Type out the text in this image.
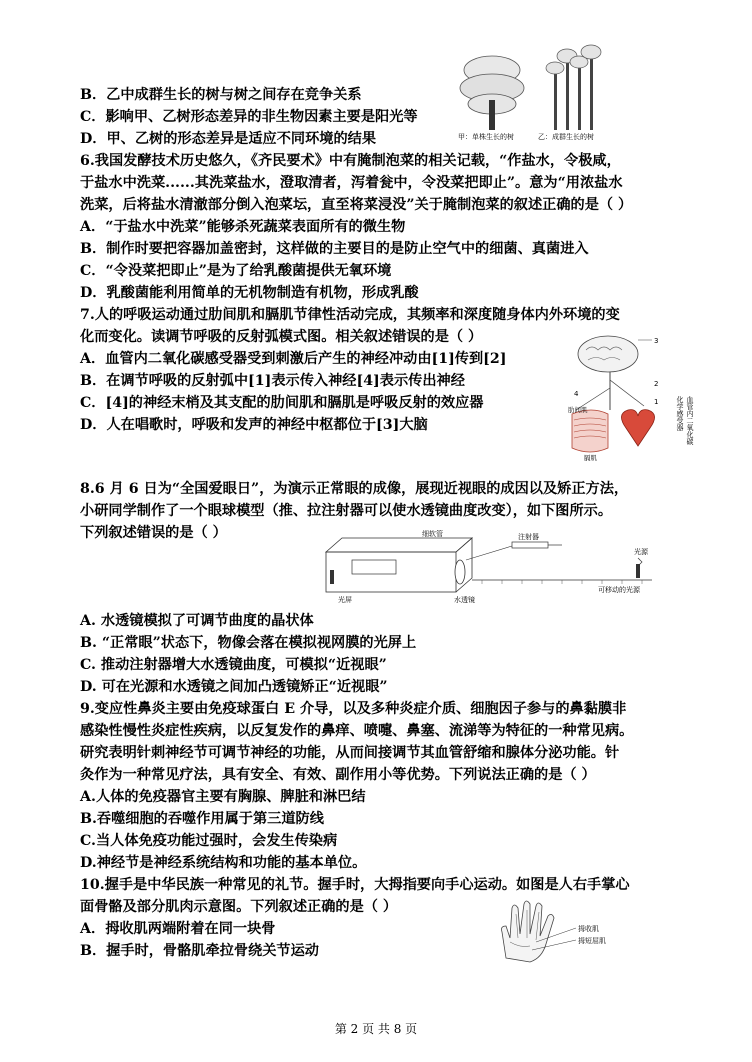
B．乙中成群生长的树与树之间存在竞争关系
C．影响甲、乙树形态差异的非生物因素主要是阳光等
D．甲、乙树的形态差异是适应不同环境的结果	甲：单株生长的树	乙：成群生长的树
6.我国发酵技术历史悠久，《齐民要术》中有腌制泡菜的相关记载，“作盐水，令极咸，
于盐水中洗菜......其洗菜盐水，澄取清者，泻着瓮中，令没菜把即止”。意为“用浓盐水
洗菜，后将盐水清澈部分倒入泡菜坛，直至将菜浸没”关于腌制泡菜的叙述正确的是（ ）
A．“于盐水中洗菜”能够杀死蔬菜表面所有的微生物
B．制作时要把容器加盖密封，这样做的主要目的是防止空气中的细菌、真菌进入
C．“令没菜把即止”是为了给乳酸菌提供无氧环境
D．乳酸菌能利用简单的无机物制造有机物，形成乳酸
7.人的呼吸运动通过肋间肌和膈肌节律性活动完成，其频率和深度随身体内外环境的变
化而变化。读调节呼吸的反射弧模式图。相关叙述错误的是（ ）
A．血管内二氧化碳感受器受到刺激后产生的神经冲动由[1]传到[2]
B．在调节呼吸的反射弧中[1]表示传入神经[4]表示传出神经
C．[4]的神经末梢及其支配的肋间肌和膈肌是呼吸反射的效应器
D．人在唱歌时，呼吸和发声的神经中枢都位于[3]大脑
3
2
1
4
肋间肌
膈肌
化学感受器 血管内二氧化碳
8.6 月 6 日为“全国爱眼日”，为演示正常眼的成像，展现近视眼的成因以及矫正方法，
小研同学制作了一个眼球模型（推、拉注射器可以使水透镜曲度改变），如下图所示。
下列叙述错误的是（ ）	细软管	注射器
光源
光屏	水透镜
可移动的光源
A. 水透镜模拟了可调节曲度的晶状体
B. “正常眼”状态下，物像会落在模拟视网膜的光屏上
C. 推动注射器增大水透镜曲度，可模拟“近视眼”
D. 可在光源和水透镜之间加凸透镜矫正“近视眼”
9.变应性鼻炎主要由免疫球蛋白 E 介导，以及多种炎症介质、细胞因子参与的鼻黏膜非
感染性慢性炎症性疾病，以反复发作的鼻痒、喷嚏、鼻塞、流涕等为特征的一种常见病。
研究表明针刺神经节可调节神经的功能，从而间接调节其血管舒缩和腺体分泌功能。针
灸作为一种常见疗法，具有安全、有效、副作用小等优势。下列说法正确的是（ ）
A.人体的免疫器官主要有胸腺、脾脏和淋巴结
B.吞噬细胞的吞噬作用属于第三道防线
C.当人体免疫功能过强时，会发生传染病
D.神经节是神经系统结构和功能的基本单位。
10.握手是中华民族一种常见的礼节。握手时，大拇指要向手心运动。如图是人右手掌心
面骨骼及部分肌肉示意图。下列叙述正确的是（ ）
A．拇收肌两端附着在同一块骨
B．握手时，骨骼肌牵拉骨绕关节运动
拇收肌
拇短屈肌
第 2 页 共 8 页
